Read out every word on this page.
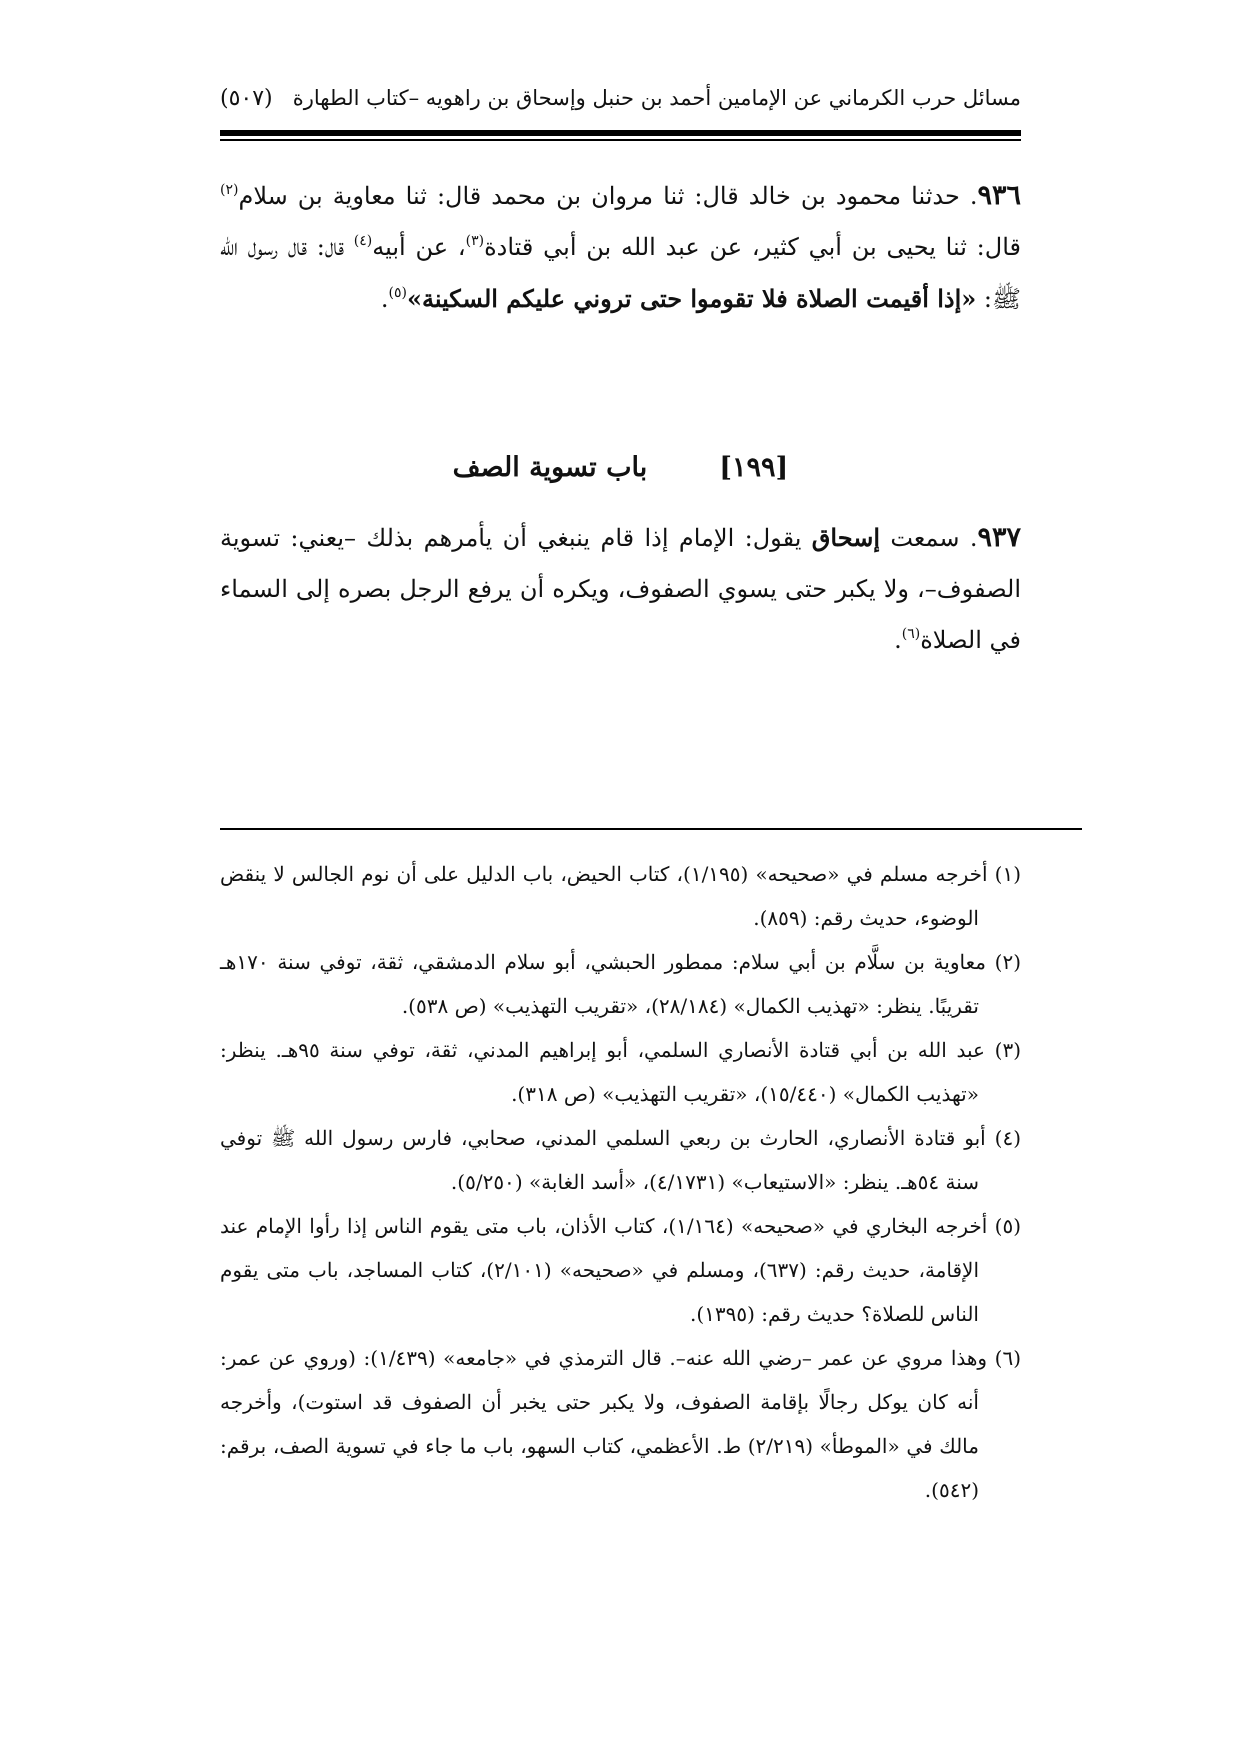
مسائل حرب الكرماني عن الإمامين أحمد بن حنبل وإسحاق بن راهويه –كتاب الطهارة
(٥٠٧)
٩٣٦. حدثنا محمود بن خالد قال: ثنا مروان بن محمد قال: ثنا معاوية بن سلام$^{(٢)}$ قال: ثنا يحيى بن أبي كثير، عن عبد الله بن أبي قتادة$^{(٣)}$، عن أبيه$^{(٤)}$ قال: قال رسول الله ﷺ: «إذا أقيمت الصلاة فلا تقوموا حتى تروني عليكم السكينة»$^{(٥)}$.
[١٩٩]باب تسوية الصف
٩٣٧. سمعت إسحاق يقول: الإمام إذا قام ينبغي أن يأمرهم بذلك –يعني: تسوية الصفوف–، ولا يكبر حتى يسوي الصفوف، ويكره أن يرفع الرجل بصره إلى السماء في الصلاة$^{(٦)}$.
(١) أخرجه مسلم في «صحيحه» (١/١٩٥)، كتاب الحيض، باب الدليل على أن نوم الجالس لا ينقض الوضوء، حديث رقم: (٨٥٩).
(٢) معاوية بن سلَّام بن أبي سلام: ممطور الحبشي، أبو سلام الدمشقي، ثقة، توفي سنة ١٧٠هـ تقريبًا. ينظر: «تهذيب الكمال» (٢٨/١٨٤)، «تقريب التهذيب» (ص ٥٣٨).
(٣) عبد الله بن أبي قتادة الأنصاري السلمي، أبو إبراهيم المدني، ثقة، توفي سنة ٩٥هـ. ينظر: «تهذيب الكمال» (١٥/٤٤٠)، «تقريب التهذيب» (ص ٣١٨).
(٤) أبو قتادة الأنصاري، الحارث بن ربعي السلمي المدني، صحابي، فارس رسول الله ﷺ توفي سنة ٥٤هـ. ينظر: «الاستيعاب» (٤/١٧٣١)، «أسد الغابة» (٥/٢٥٠).
(٥) أخرجه البخاري في «صحيحه» (١/١٦٤)، كتاب الأذان، باب متى يقوم الناس إذا رأوا الإمام عند الإقامة، حديث رقم: (٦٣٧)، ومسلم في «صحيحه» (٢/١٠١)، كتاب المساجد، باب متى يقوم الناس للصلاة؟ حديث رقم: (١٣٩٥).
(٦) وهذا مروي عن عمر –رضي الله عنه–. قال الترمذي في «جامعه» (١/٤٣٩): (وروي عن عمر: أنه كان يوكل رجالًا بإقامة الصفوف، ولا يكبر حتى يخبر أن الصفوف قد استوت)، وأخرجه مالك في «الموطأ» (٢/٢١٩) ط. الأعظمي، كتاب السهو، باب ما جاء في تسوية الصف، برقم: (٥٤٢).
